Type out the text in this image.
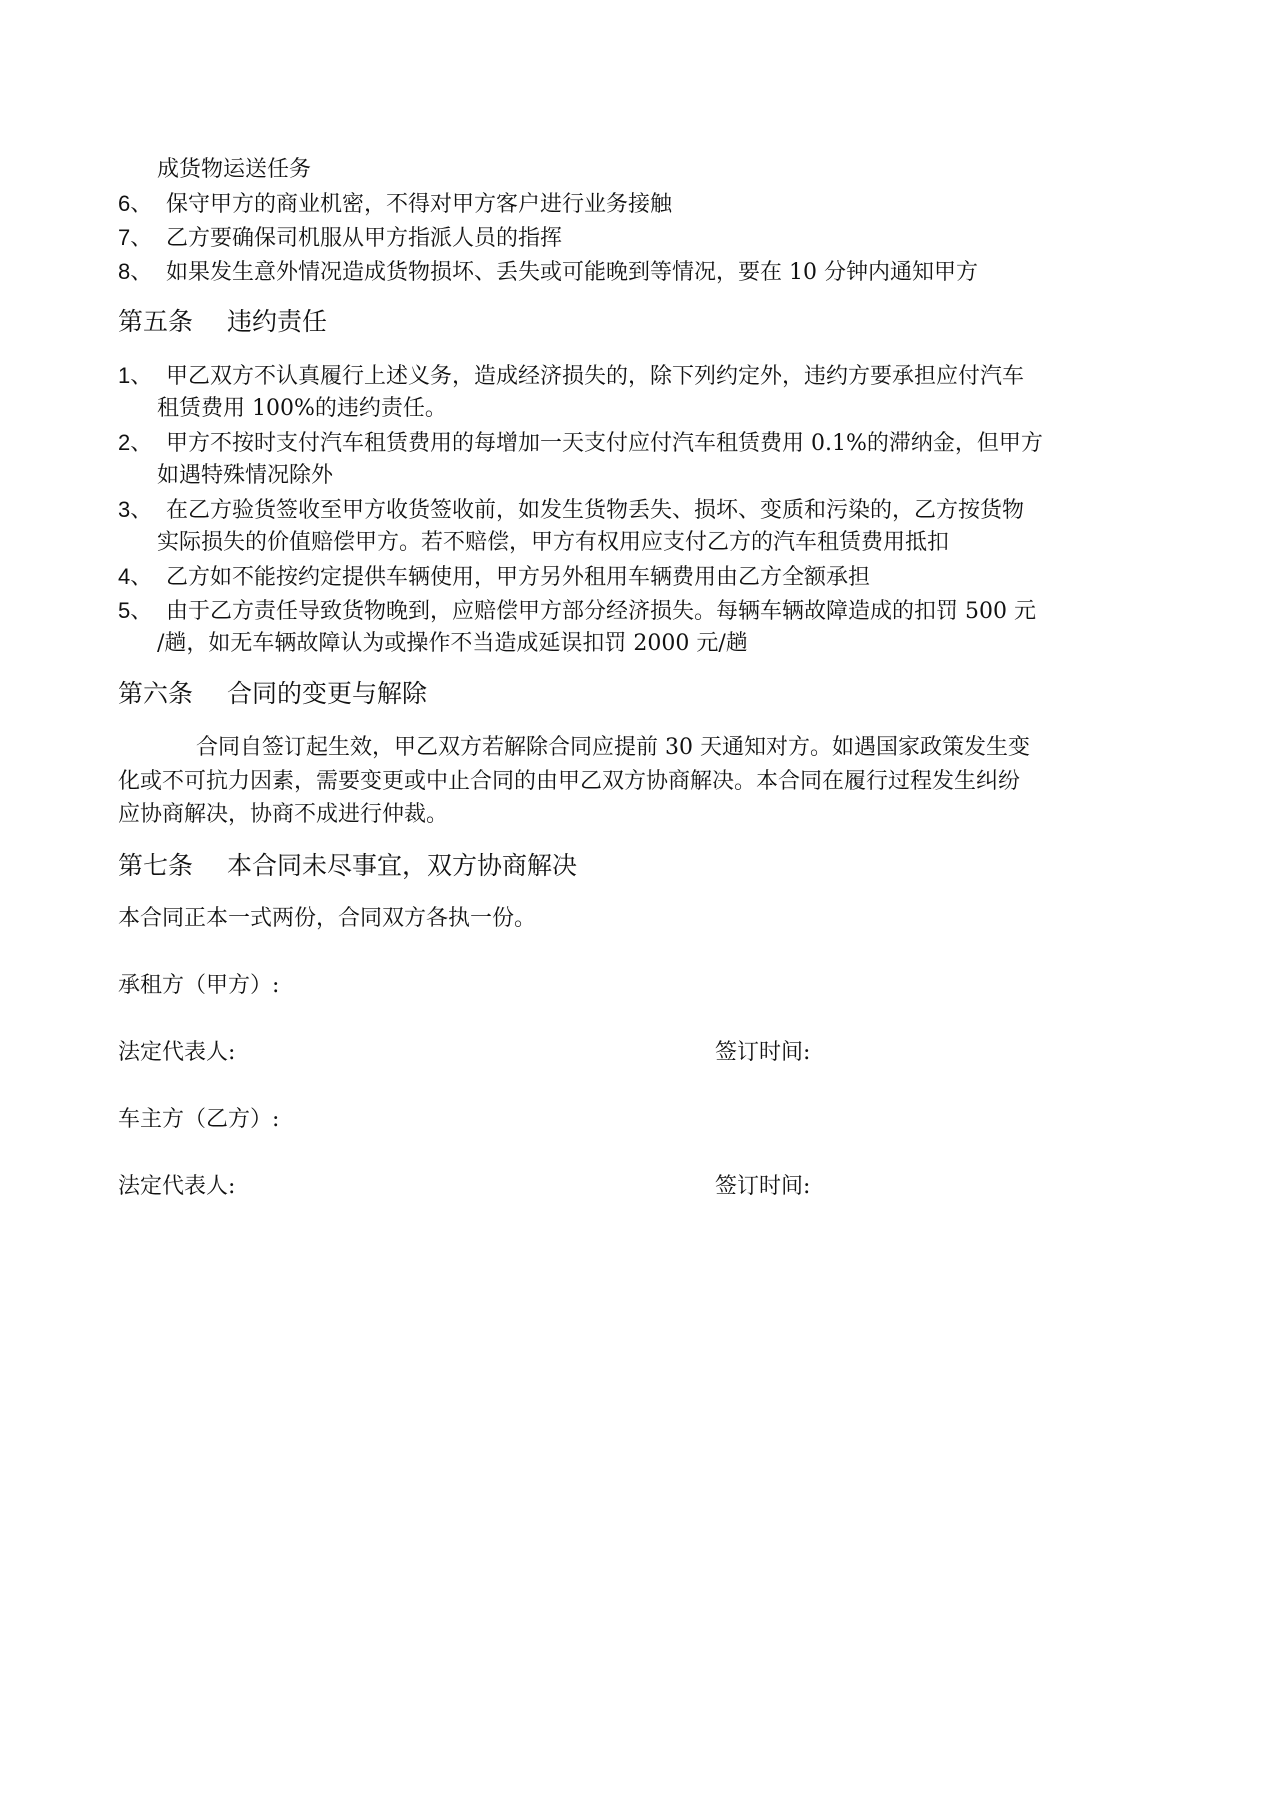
成货物运送任务
6、 保守甲方的商业机密，不得对甲方客户进行业务接触
7、 乙方要确保司机服从甲方指派人员的指挥
8、 如果发生意外情况造成货物损坏、丢失或可能晚到等情况，要在 10 分钟内通知甲方
第五条 违约责任
1、 甲乙双方不认真履行上述义务，造成经济损失的，除下列约定外，违约方要承担应付汽车
租赁费用 100%的违约责任。
2、 甲方不按时支付汽车租赁费用的每增加一天支付应付汽车租赁费用 0.1%的滞纳金，但甲方
如遇特殊情况除外
3、 在乙方验货签收至甲方收货签收前，如发生货物丢失、损坏、变质和污染的，乙方按货物
实际损失的价值赔偿甲方。若不赔偿，甲方有权用应支付乙方的汽车租赁费用抵扣
4、 乙方如不能按约定提供车辆使用，甲方另外租用车辆费用由乙方全额承担
5、 由于乙方责任导致货物晚到，应赔偿甲方部分经济损失。每辆车辆故障造成的扣罚 500 元
/趟，如无车辆故障认为或操作不当造成延误扣罚 2000 元/趟
第六条 合同的变更与解除
合同自签订起生效，甲乙双方若解除合同应提前 30 天通知对方。如遇国家政策发生变
化或不可抗力因素，需要变更或中止合同的由甲乙双方协商解决。本合同在履行过程发生纠纷
应协商解决，协商不成进行仲裁。
第七条 本合同未尽事宜，双方协商解决
本合同正本一式两份，合同双方各执一份。
承租方（甲方）:
法定代表人:	签订时间:
车主方（乙方）:
法定代表人:	签订时间:
